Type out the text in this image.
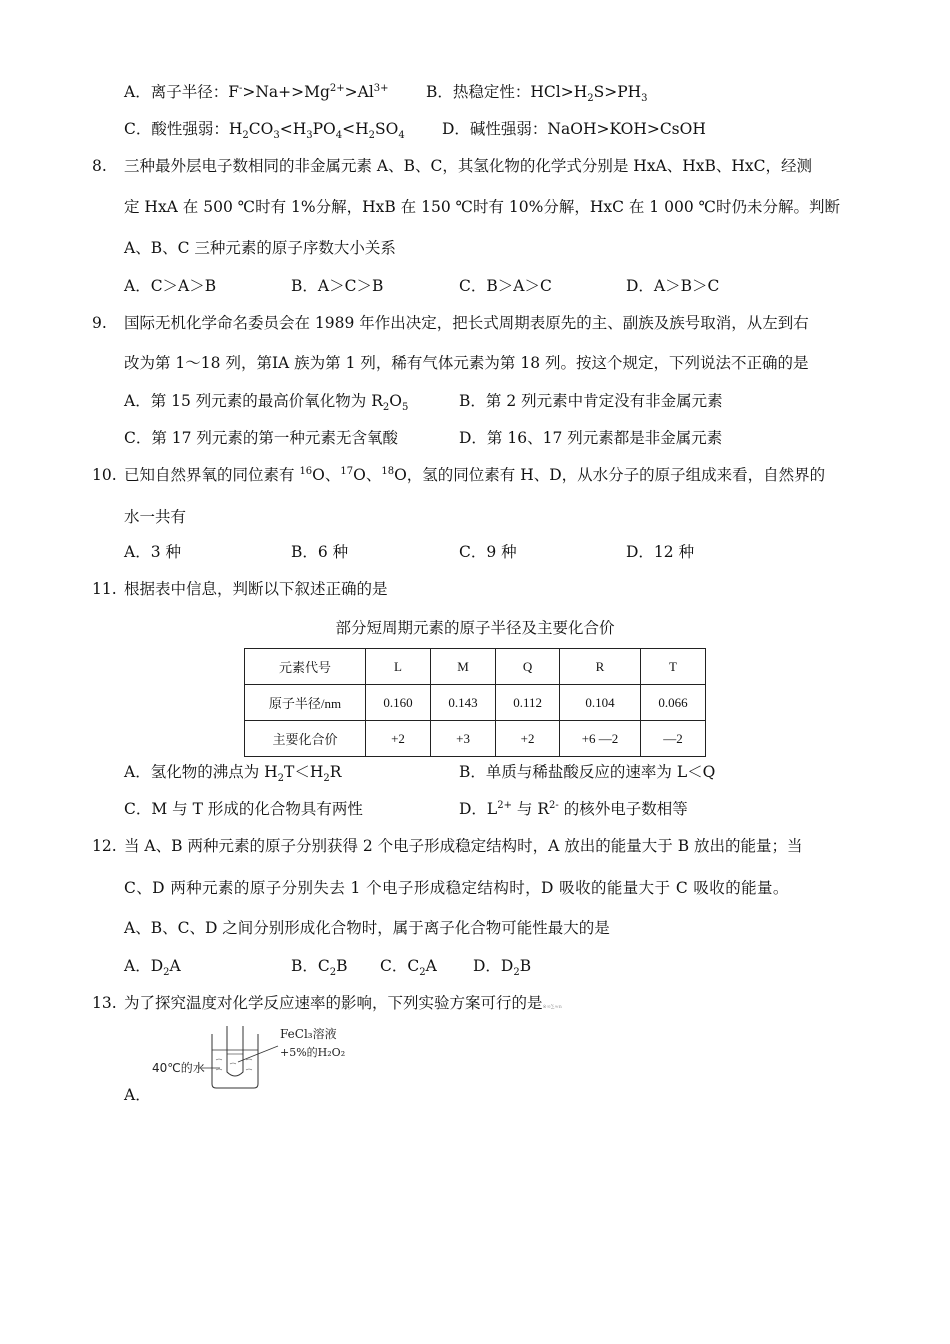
A．离子半径：$F^->Na+>Mg^{2+}>Al^{3+}$ B．热稳定性：$HCl>H_2S>PH_3$
C．酸性强弱：$H_2CO_3<H_3PO_4<H_2SO_4$ D．碱性强弱：NaOH>KOH>CsOH
8. 三种最外层电子数相同的非金属元素 A、B、C，其氢化物的化学式分别是 HxA、HxB、HxC，经测
定 HxA 在 500 ℃时有 1%分解，HxB 在 150 ℃时有 10%分解，HxC 在 1 000 ℃时仍未分解。判断
A、B、C 三种元素的原子序数大小关系
A．C＞A＞B	B．A＞C＞B	C．B＞A＞C	D．A＞B＞C
9. 国际无机化学命名委员会在 1989 年作出决定，把长式周期表原先的主、副族及族号取消，从左到右
改为第 1～18 列，第ⅠA 族为第 1 列，稀有气体元素为第 18 列。按这个规定，下列说法不正确的是
A．第 15 列元素的最高价氧化物为 $R_2O_5$	B．第 2 列元素中肯定没有非金属元素
C．第 17 列元素的第一种元素无含氧酸	D．第 16、17 列元素都是非金属元素
10. 已知自然界氧的同位素有 $^{16}$O、$^{17}$O、$^{18}$O，氢的同位素有 H、D，从水分子的原子组成来看，自然界的
水一共有
A．3 种	B．6 种	C．9 种	D．12 种
11. 根据表中信息，判断以下叙述正确的是
部分短周期元素的原子半径及主要化合价
元素代号	L	M	Q	R	T
原子半径/nm	0.160	0.143	0.112	0.104	0.066
主要化合价	+2	+3	+2	+6 —2	—2
A．氢化物的沸点为 $H_2T<H_2R$	B．单质与稀盐酸反应的速率为 L＜Q
C．M 与 T 形成的化合物具有两性	D．$L^{2+}$ 与 $R^{2-}$ 的核外电子数相等
12. 当 A、B 两种元素的原子分别获得 2 个电子形成稳定结构时，A 放出的能量大于 B 放出的能量；当
C、D 两种元素的原子分别失去 1 个电子形成稳定结构时，D 吸收的能量大于 C 吸收的能量。
A、B、C、D 之间分别形成化合物时，属于离子化合物可能性最大的是
A．$D_2A$	B．$C_2B$ C．$C_2A$ D．$D_2B$
13. 为了探究温度对化学反应速率的影响，下列实验方案可行的是※∞∑≈n
A．
40℃的水
FeCl₃溶液
+5%的H₂O₂
